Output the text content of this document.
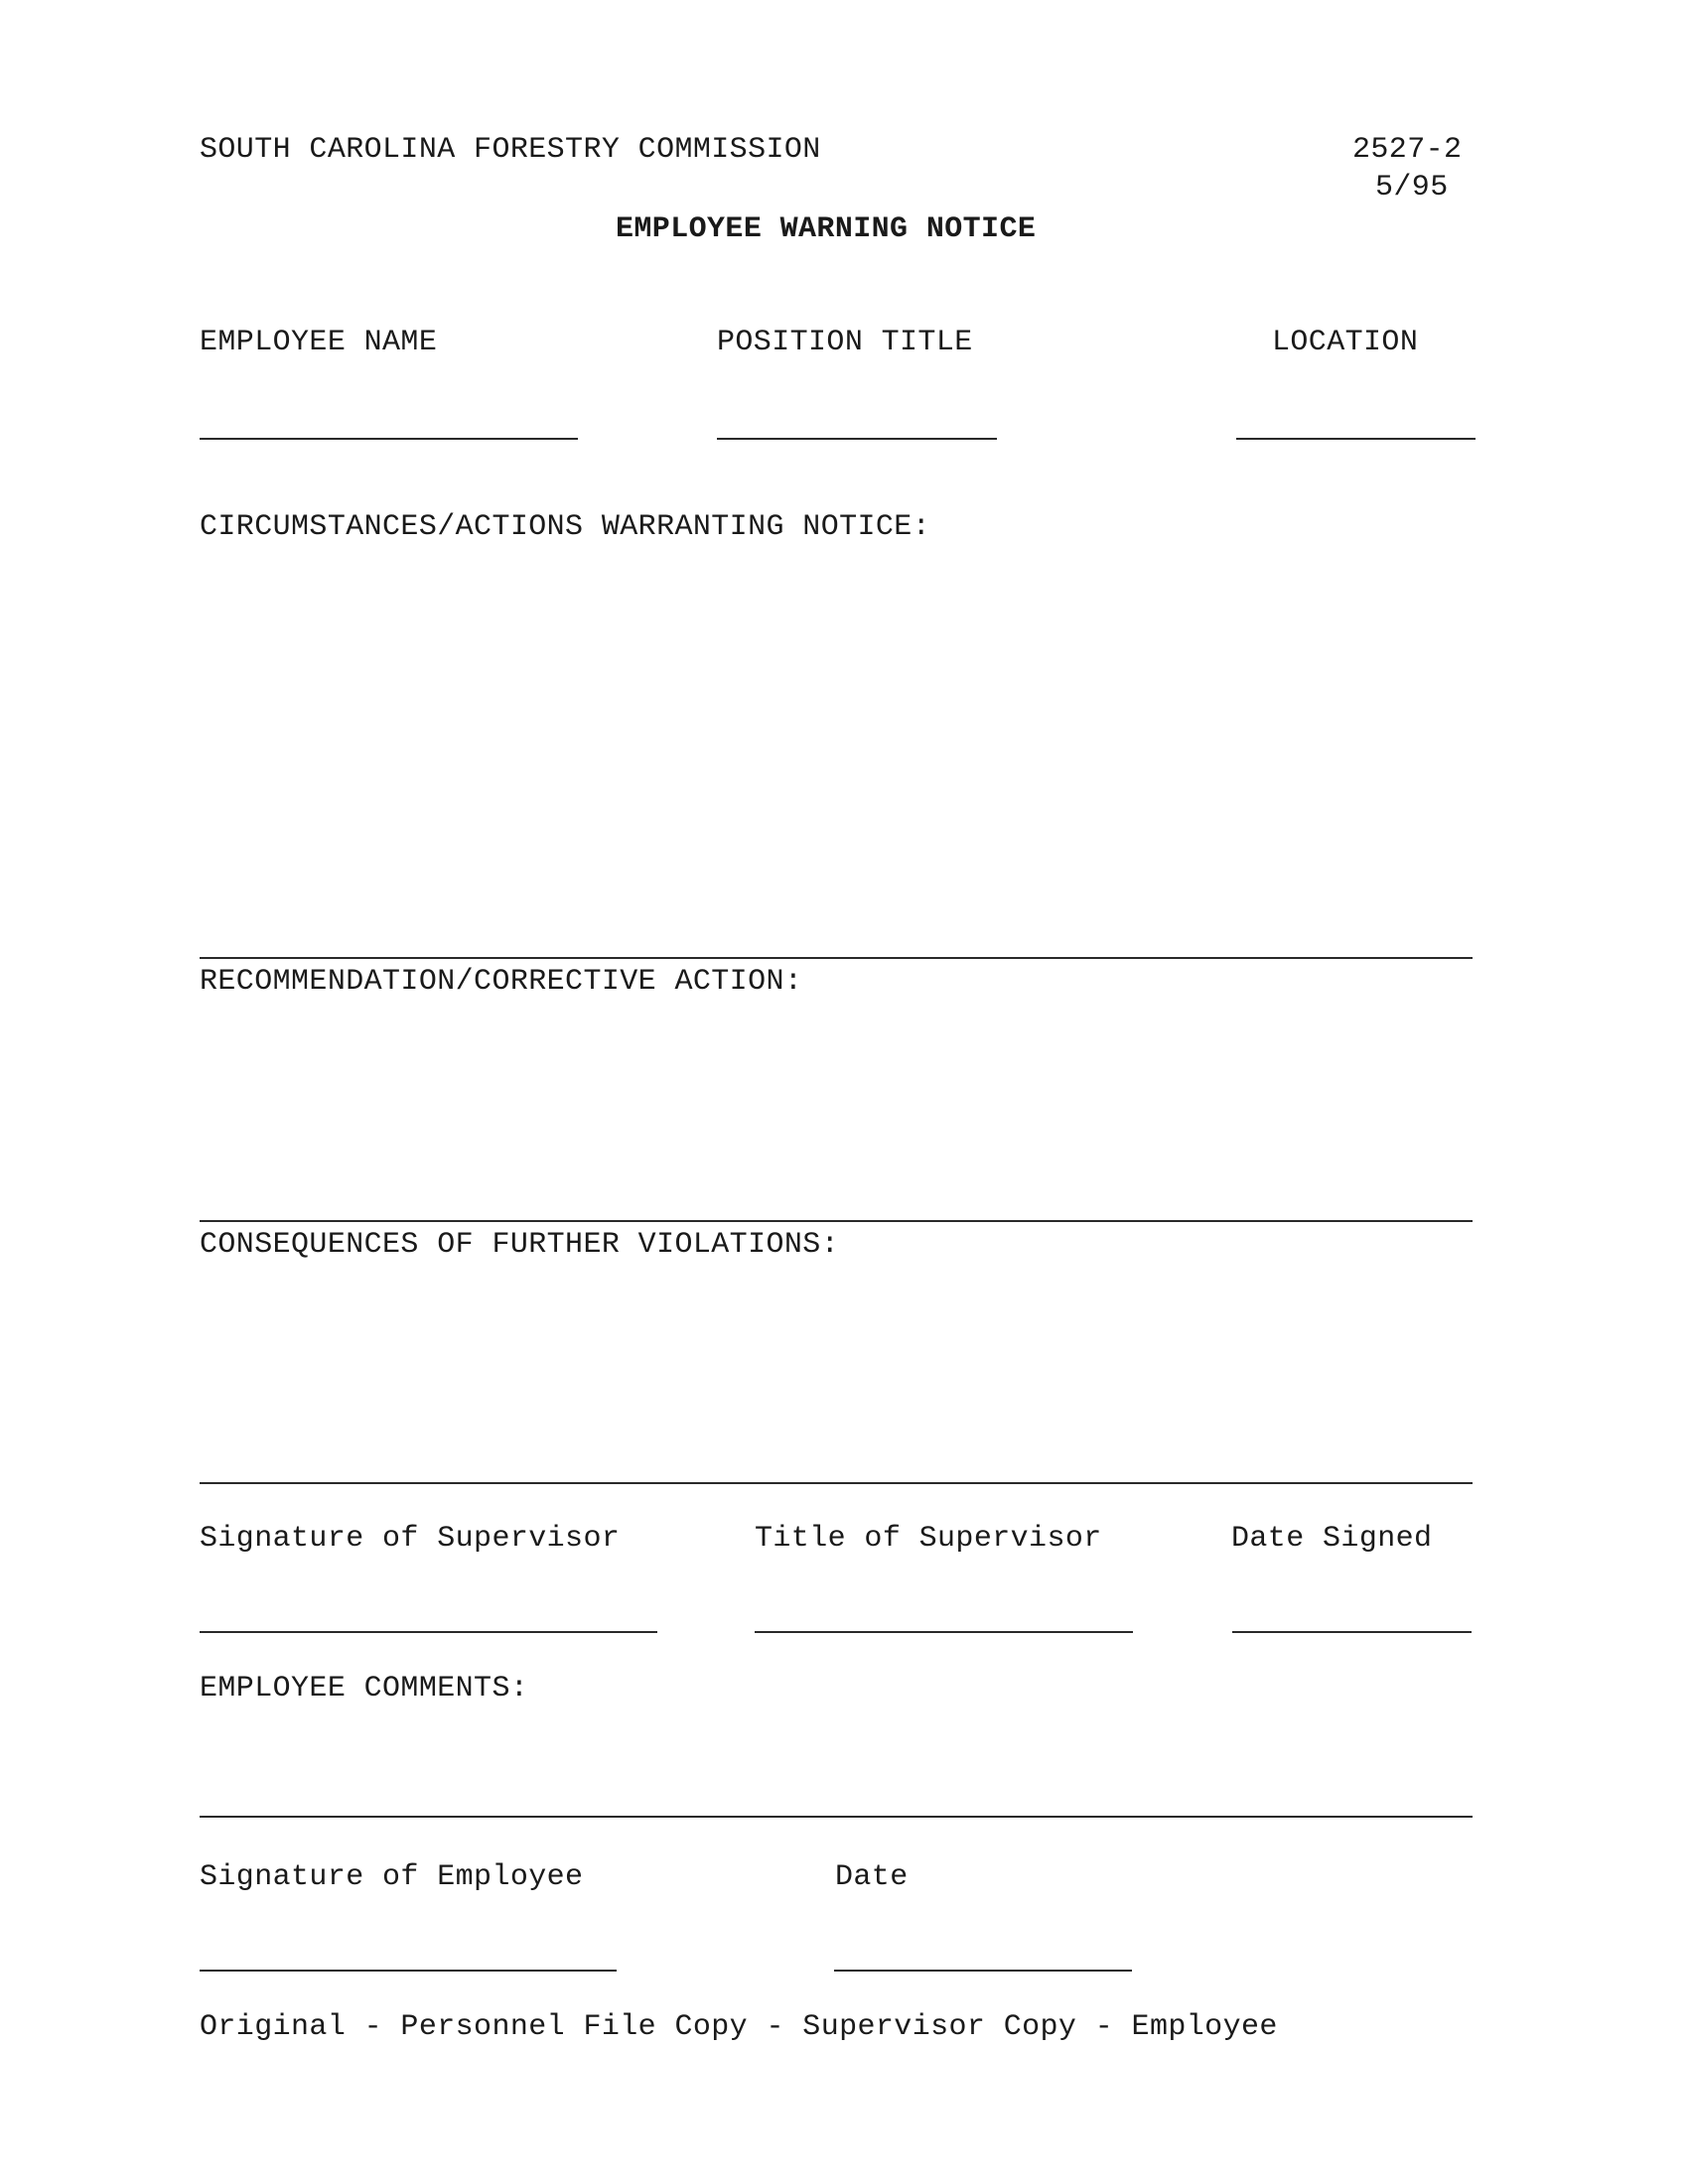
SOUTH CAROLINA FORESTRY COMMISSION	2527-2
5/95
EMPLOYEE WARNING NOTICE
EMPLOYEE NAME	POSITION TITLE	LOCATION
CIRCUMSTANCES/ACTIONS WARRANTING NOTICE:
RECOMMENDATION/CORRECTIVE ACTION:
CONSEQUENCES OF FURTHER VIOLATIONS:
Signature of Supervisor	Title of Supervisor	Date Signed
EMPLOYEE COMMENTS:
Signature of Employee	Date
Original - Personnel File Copy - Supervisor Copy - Employee
